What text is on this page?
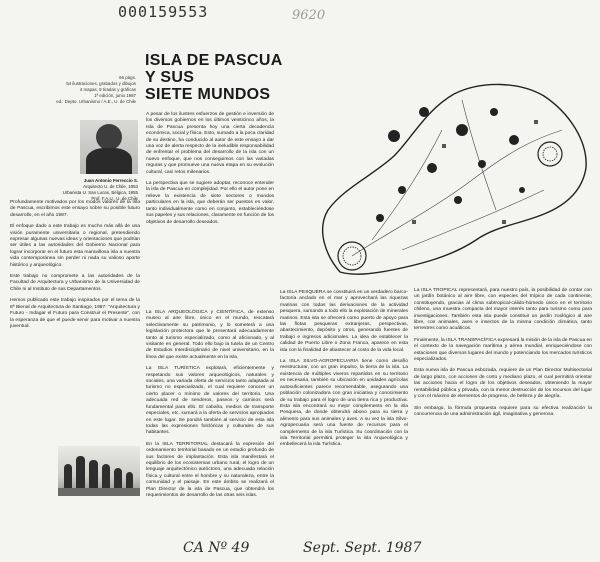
000159553	9620
ISLA DE PASCUA
Y SUS
SIETE MUNDOS
66 págs.
54 ilustraciones, grabados y dibujos
4 mapas, 9 tiradas y gráficas
1ª edición, junio 1987
ed.: Depto. Urbanismo / A.E., U. de Chile
Juan Antonio Ferreccio S.
Arquitecto U. de Chile, 1953
Urbanista U. San Lucas, Bélgica, 1955
Prof. F.A.U., U. de Chile

Profundamente motivados por los modos valores de la Isla de Pascua, escribimos este ensayo sobre su posible futuro desarrollo, en el año 1987.

El enfoque dado a este trabajo es mucho más allá de una visión puramente universitaria o regional, pretendiendo expresar algunas nuevas ideas y orientaciones que podrían ser útiles a las autoridades del Gobierno Nacional para lograr incorporar en el futuro esta maravillosa isla a nuestra vida contemporánea sin perder ni nada su valioso aporte histórico y arqueológico.

Este trabajo no compromete a las autoridades de la Facultad de Arquitectura y Urbanismo de la Universidad de Chile ni al Instituto de sus Departamentos.

Hemos publicado este trabajo inspirados por el tema de la 6ª Bienal de Arquitectura de Santiago, 1987: "Arquitectura y Futuro - Indagar el Futuro para Construir el Presente", con la esperanza de que el puede servir para motivar a nuestra juventud.

A pesar de los ilustres esfuerzos de gestión e inversión de los diversos gobiernos en los últimos veinticinco años, la Isla de Pascua presenta hoy una cierta decadencia económica, social y física. Esto, sumado a la poca claridad de su destino, ha conducido al autor de este ensayo a dar una voz de alerta respecto de la ineludible responsabilidad de enfrentar el problema del desarrollo de la isla con un nuevo enfoque, que nos conseguimos con las variadas reguras y que promueve una nueva etapa en su evolución cultural, casi retos milenarios.

La perspectiva que se sugiere adoptar, reconoce entender la isla de Pascua en complejidad. Por ello el autor pone en relieve la existencia de siete sectores o mundos particulares en la isla, que deberán ser puestos en valor, tanto individualmente como en conjunto, estableciéndose sus papeles y sus relaciones, claramente en función de los objetivos de desarrollo deseados.

La ISLA ARQUEOLÓGICA y CIENTÍFICA, de extenso museo al aire libre, único en el mundo, rescatará selectivamente su patrimonio, y lo someterá a una legislación protectora que le presentará adecuadamente tanto al turismo especializado, como al aficionado, y al visitante en general. Todo ello bajo la tutela de un Centro de Estudios Interdisciplinario de nivel universitario, en la línea del que existe actualmente en la isla.

La ISLA TURÍSTICA explotará, eficientemente y respetando sus valores arqueológicos, naturales y sociales, una variada oferta de servicios tanto adaptada al turismo no especializado, el cual requiere conocer un cierto placer o mínimo de valores del territorio. Una adecuada red de senderos, paseos y caminos será fundamental para ello. El cabaña, medios de transporte especiales, etc. sumará a la oferta de servicios apropiados en este lugar. Se pondrá también al servicio de esta isla todas las expresiones folclóricas y culturales de sus habitantes.

En la ISLA TERRITORIAL destacará la expresión del ordenamiento territorial basado en un estudio profundo de sus factores de implantación. Esta isla manifestará el equilibrio de los ecosistemas urbano rural, el logro de un lenguaje arquitectónico autóctono, una adecuada relación física y cultural entre el hombre y su naturaleza, entre la comunidad y el paisaje. En este ámbito se realizará el Plan Director de la isla de Pascua, que obtendrá los requerimientos de desarrollo de las otras seis islas.

La ISLA PESQUERA se constituirá en un verdadero barco-factoría anclado en el mar y aprovechará las riquezas marinas con todas las derivaciones de la actividad pesquera, sumando a todo ello la explotación de minerales marinos. Esta isla se ofrecerá como puerto de apoyo para las flotas pesqueras extranjeras, perspectivas, abastecimiento, depósito y otros, generando fuentes de trabajo e ingresos adicionales. La idea de establecer la calidad de Puerto Libre o Zona Franca, aparece en esta isla con la finalidad de abastecer al costo de la vida local.

La ISLA SILVO-AGROPECUARIA tiene como desafío reestructurar, con un gran impulso, la tierra de la isla. La existencia de múltiples viveros repartidos en su territorio es necesaria, también su ubicación en unidades agrícolas autosuficientes parece recomendable, asegurando una población colonizadora con gran iniciativa y conocimiento de su trabajo para el logro de una tierra rica y productiva. Esta isla encontrará su mejor complemento en la isla Pesquera, de donde obtendrá abono para su tierra y alimento para sus animales y aves. A su vez la isla Silvo-Agropecuaria será una fuente de recursos para el complemento de la isla Turística. Su coordinación con la isla Territorial permitirá proteger la isla Arqueológica y embellecerá la isla Turística.

La ISLA TROPICAL representará, para nuestro país, la posibilidad de contar con un jardín botánico al aire libre, con especies del trópico de cada continente, constituyendo, gracias al clima subtropical-cálido-húmedo único en el territorio chileno, una muestra compacta del mayor interés tanto para turismo como para investigaciones. También esta isla puede constituir un jardín zoológico al aire libre, con animales, aves e insectos de la misma condición climática, tanto terrestres como acuáticos.

Finalmente, la ISLA TRANSPACÍFICA expresará la misión de la isla de Pascua en el contexto de la navegación marítima y aérea mundial, enriqueciéndose con estaciones que diversos lugares del mundo y potenciando los mercados turísticos especializados.

Esta nueva isla de Pascua esbozada, requiere de un Plan Director Multisectorial de largo plazo, con acciones de corto y mediano plazo, el cual permitirá orientar las acciones hacia el logro de los objetivos deseados, obteniendo la mayor rentabilidad pública y privada, con la menor destrucción de los recursos del lugar y con el máximo de elementos de progreso, de belleza y de alegría.

Sin embargo, la fórmula propuesta requiere para su efectiva realización la concurrencia de una administración ágil, imaginativa y generosa.

CA Nº 49	Sept. Sept. 1987
